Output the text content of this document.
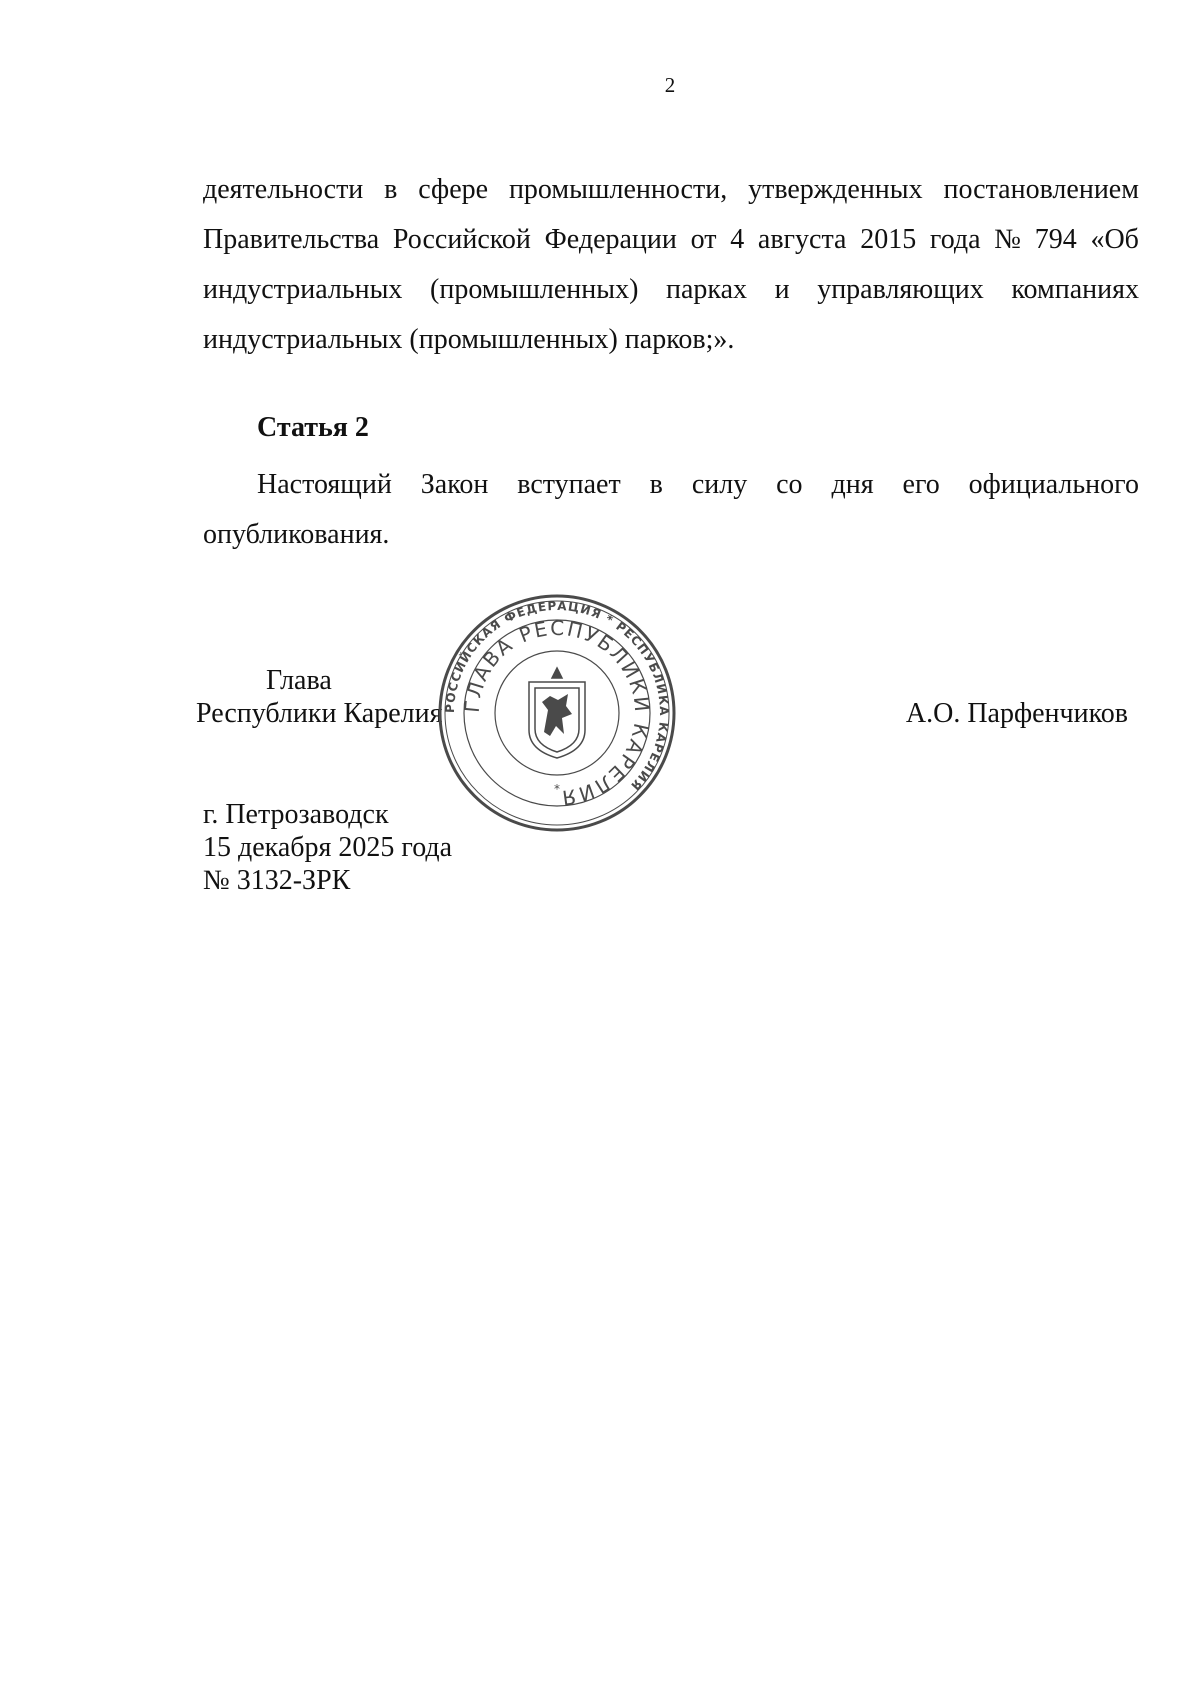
2
деятельности в сфере промышленности, утвержденных постановлением
Правительства Российской Федерации от 4 августа 2015 года № 794 «Об
индустриальных (промышленных) парках и управляющих компаниях
индустриальных (промышленных) парков;».
Статья 2
Настоящий Закон вступает в силу со дня его официального
опубликования.
Глава
Республики Карелия	А.О. Парфенчиков
РОССИЙСКАЯ ФЕДЕРАЦИЯ * РЕСПУБЛИКА КАРЕЛИЯ
ГЛАВА РЕСПУБЛИКИ КАРЕЛИЯ
*
г. Петрозаводск
15 декабря 2025 года
№ 3132-ЗРК
